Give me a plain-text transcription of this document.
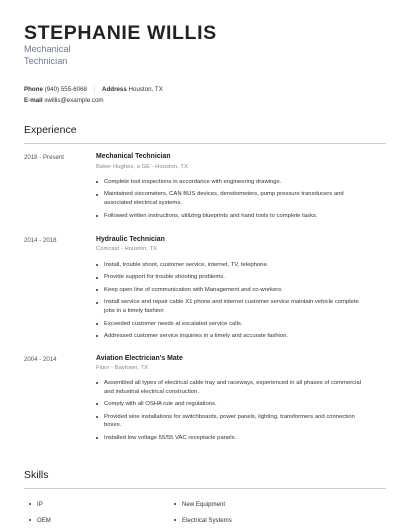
STEPHANIE WILLIS
Mechanical
Technician
Phone (940) 555-6068 | Address Houston, TX
E-mail swillis@example.com
Experience
2018 - Present	Mechanical Technician
Baker Hughes, a GE - Houston, TX
Complete tool inspections in accordance with engineering drawings.
Maintained viscometers, CAN BUS devices, densitometers, pump pressure transducers and associated electrical systems.
Followed written instructions, utilizing blueprints and hand tools to complete tasks.
2014 - 2018	Hydraulic Technician
Comcast - Houston, TX
Install, trouble shoot, customer service, internet, TV, telephone.
Provide support for trouble shooting problems.
Keep open line of communication with Management and co-workers.
Install service and repair cable X1 phone and internet customer service maintain vehicle complete jobs in a timely fashion
Exceeded customer needs at escalated service calls.
Addressed customer service inquiries in a timely and accurate fashion.
2004 - 2014	Aviation Electrician's Mate
Fluor - Baytown, TX
Assembled all types of electrical cable tray and raceways, experienced in all phases of commercial and industrial electrical construction.
Comply with all OSHA rule and regulations.
Provided wire installations for switchboards, power panels, lighting, transformers and connection boxes.
Installed low voltage 55/55 VAC receptacle panels.
Skills
IP
OEM
New Equipment
Electrical Systems
